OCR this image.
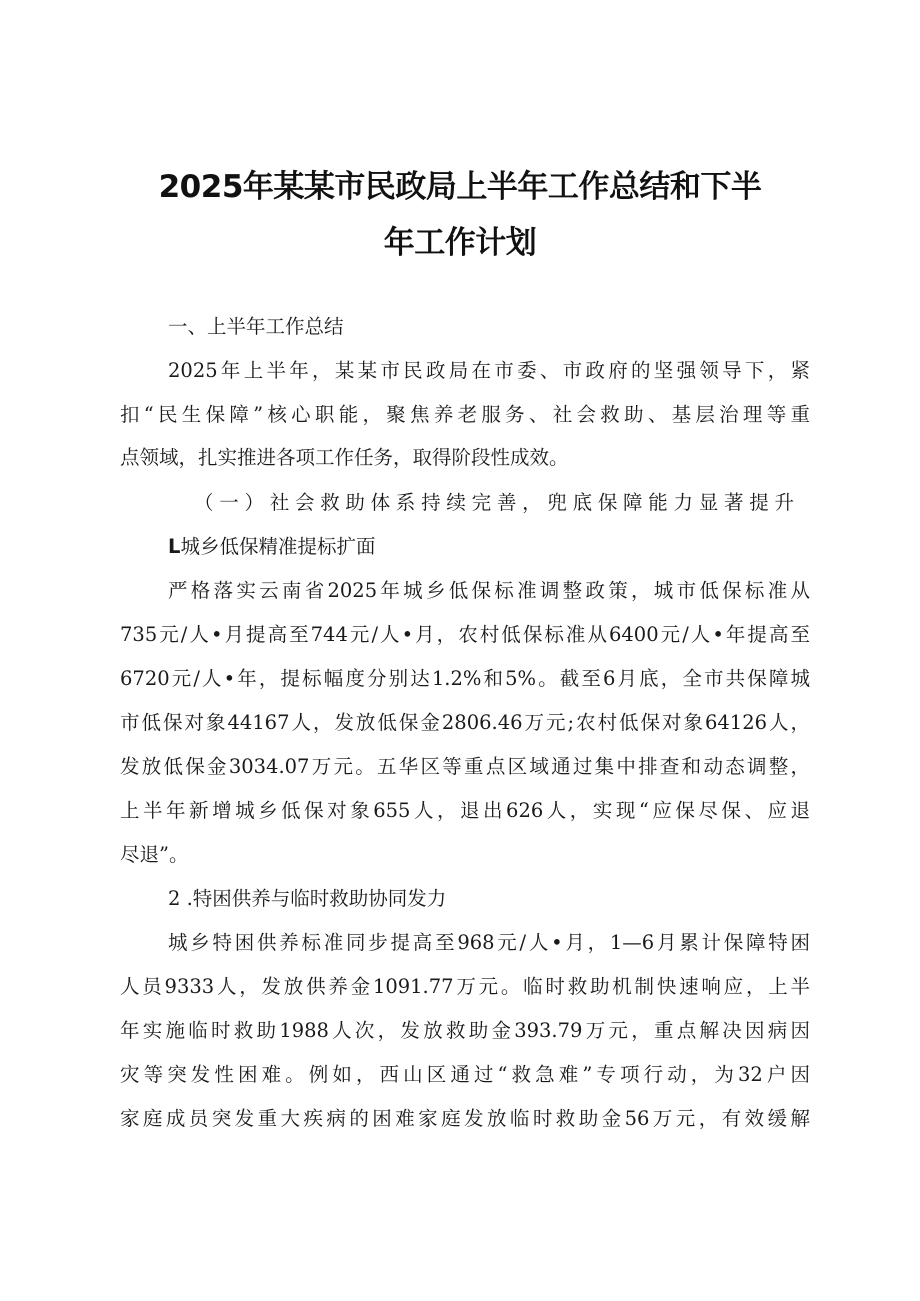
2025年某某市民政局上半年工作总结和下半
年工作计划
一、上半年工作总结
2025年上半年，某某市民政局在市委、市政府的坚强领导下，紧
扣“民生保障”核心职能，聚焦养老服务、社会救助、基层治理等重
点领域，扎实推进各项工作任务，取得阶段性成效。
（一）社会救助体系持续完善，兜底保障能力显著提升
L城乡低保精准提标扩面
严格落实云南省2025年城乡低保标准调整政策，城市低保标准从
735元/人•月提高至744元/人•月，农村低保标准从6400元/人•年提高至
6720元/人•年，提标幅度分别达1.2%和5%。截至6月底，全市共保障城
市低保对象44167人，发放低保金2806.46万元;农村低保对象64126人，
发放低保金3034.07万元。五华区等重点区域通过集中排查和动态调整，
上半年新增城乡低保对象655人，退出626人，实现“应保尽保、应退
尽退”。
2 .特困供养与临时救助协同发力
城乡特困供养标准同步提高至968元/人•月，1—6月累计保障特困
人员9333人，发放供养金1091.77万元。临时救助机制快速响应，上半
年实施临时救助1988人次，发放救助金393.79万元，重点解决因病因
灾等突发性困难。例如，西山区通过“救急难”专项行动，为32户因
家庭成员突发重大疾病的困难家庭发放临时救助金56万元，有效缓解
